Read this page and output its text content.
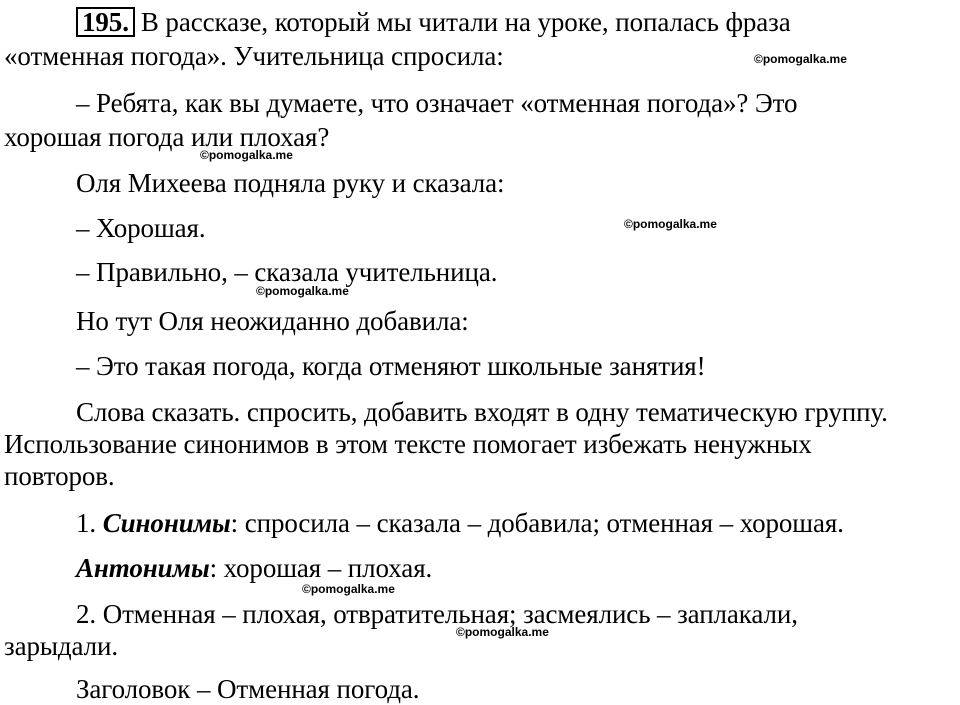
195. В рассказе, который мы читали на уроке, попалась фраза
«отменная погода». Учительница спросила:
– Ребята, как вы думаете, что означает «отменная погода»? Это
хорошая погода или плохая?
Оля Михеева подняла руку и сказала:
– Хорошая.
– Правильно, – сказала учительница.
Но тут Оля неожиданно добавила:
– Это такая погода, когда отменяют школьные занятия!
Слова сказать. спросить, добавить входят в одну тематическую группу.
Использование синонимов в этом тексте помогает избежать ненужных
повторов.
1. Синонимы: спросила – сказала – добавила; отменная – хорошая.
Антонимы: хорошая – плохая.
2. Отменная – плохая, отвратительная; засмеялись – заплакали,
зарыдали.
Заголовок – Отменная погода.
©pomogalka.me
©pomogalka.me
©pomogalka.me
©pomogalka.me
©pomogalka.me
©pomogalka.me
